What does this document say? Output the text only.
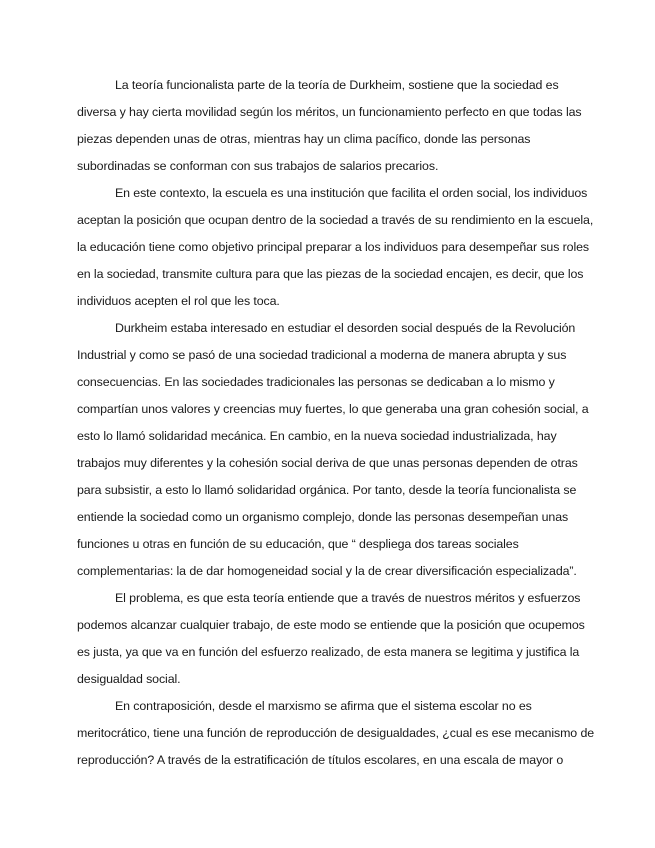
La teoría funcionalista parte de la teoría de Durkheim, sostiene que la sociedad es
diversa y hay cierta movilidad según los méritos, un funcionamiento perfecto en que todas las
piezas dependen unas de otras, mientras hay un clima pacífico, donde las personas
subordinadas se conforman con sus trabajos de salarios precarios.

En este contexto, la escuela es una institución que facilita el orden social, los individuos
aceptan la posición que ocupan dentro de la sociedad a través de su rendimiento en la escuela,
la educación tiene como objetivo principal preparar a los individuos para desempeñar sus roles
en la sociedad, transmite cultura para que las piezas de la sociedad encajen, es decir, que los
individuos acepten el rol que les toca.

Durkheim estaba interesado en estudiar el desorden social después de la Revolución
Industrial y como se pasó de una sociedad tradicional a moderna de manera abrupta y sus
consecuencias. En las sociedades tradicionales las personas se dedicaban a lo mismo y
compartían unos valores y creencias muy fuertes, lo que generaba una gran cohesión social, a
esto lo llamó solidaridad mecánica. En cambio, en la nueva sociedad industrializada, hay
trabajos muy diferentes y la cohesión social deriva de que unas personas dependen de otras
para subsistir, a esto lo llamó solidaridad orgánica. Por tanto, desde la teoría funcionalista se
entiende la sociedad como un organismo complejo, donde las personas desempeñan unas
funciones u otras en función de su educación, que “ despliega dos tareas sociales
complementarias: la de dar homogeneidad social y la de crear diversificación especializada”.

El problema, es que esta teoría entiende que a través de nuestros méritos y esfuerzos
podemos alcanzar cualquier trabajo, de este modo se entiende que la posición que ocupemos
es justa, ya que va en función del esfuerzo realizado, de esta manera se legitima y justifica la
desigualdad social.

En contraposición, desde el marxismo se afirma que el sistema escolar no es
meritocrático, tiene una función de reproducción de desigualdades, ¿cual es ese mecanismo de
reproducción? A través de la estratificación de títulos escolares, en una escala de mayor o
